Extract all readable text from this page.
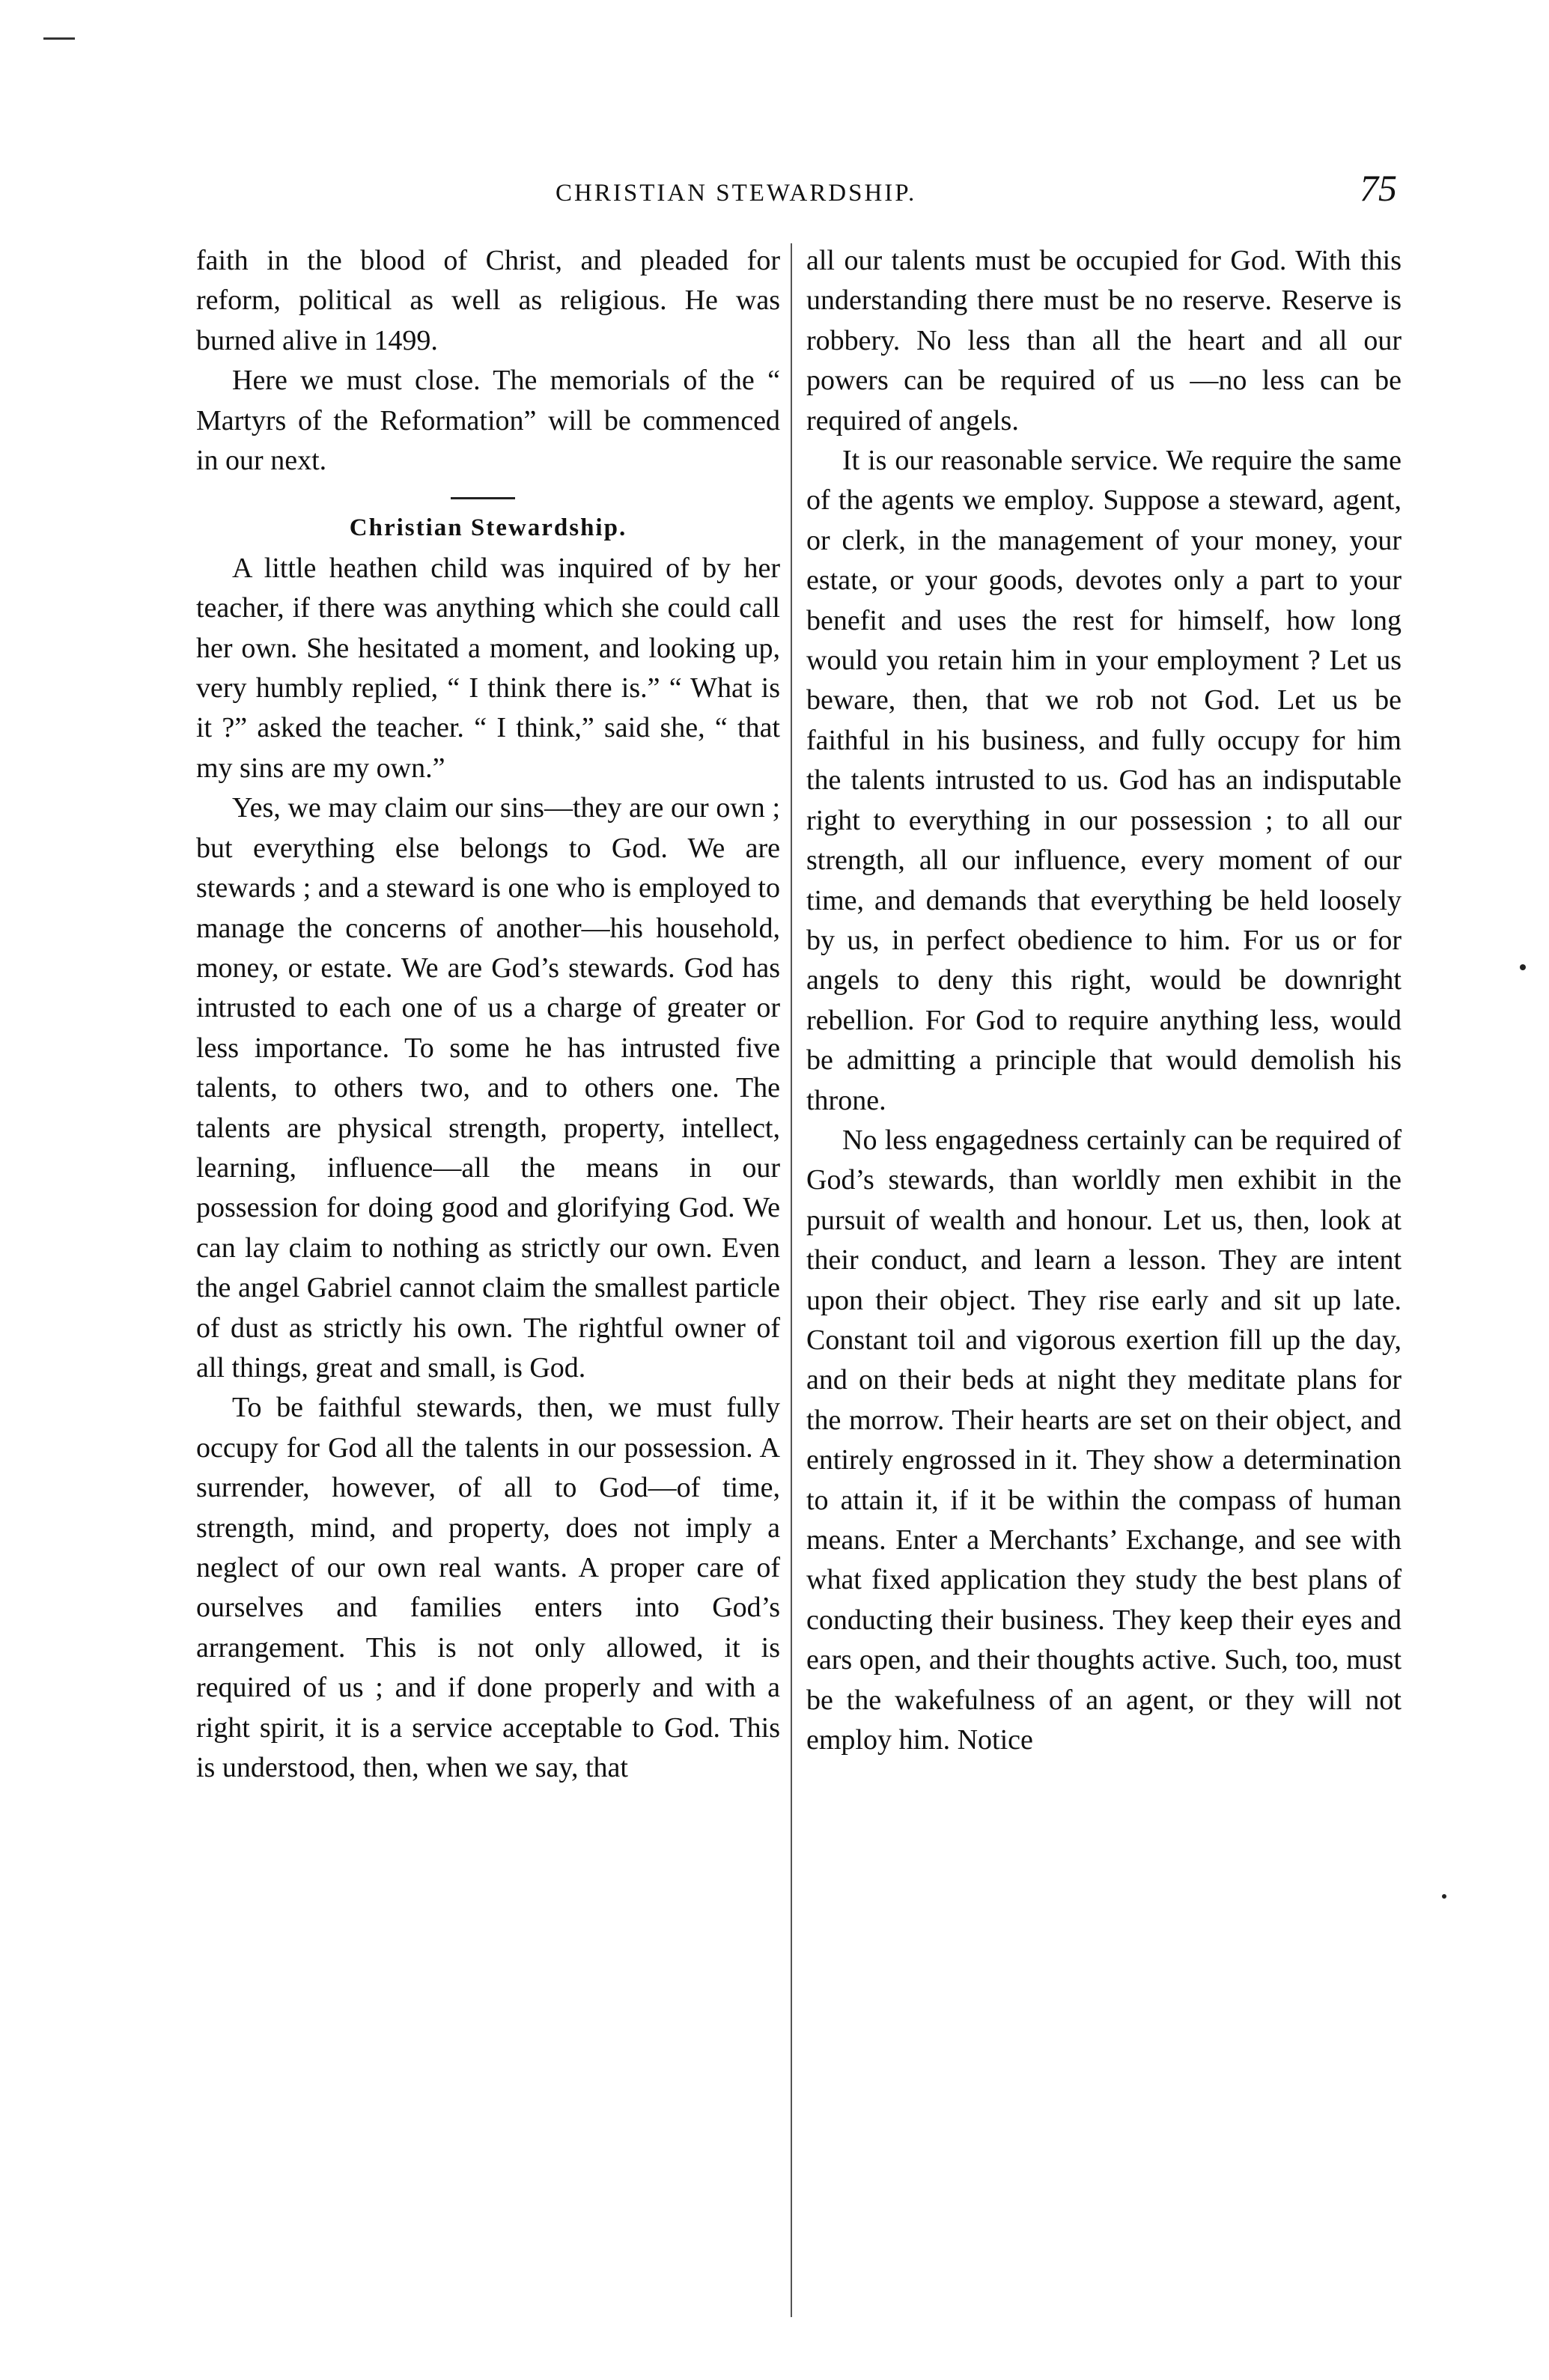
CHRISTIAN STEWARDSHIP.	75

faith in the blood of Christ, and pleaded for reform, political as well as religious. He was burned alive in 1499.

Here we must close. The memorials of the “ Martyrs of the Reformation” will be commenced in our next.

Christian Stewardship.

A little heathen child was inquired of by her teacher, if there was anything which she could call her own. She hesitated a moment, and looking up, very humbly replied, “ I think there is.” “ What is it ?” asked the teacher. “ I think,” said she, “ that my sins are my own.”

Yes, we may claim our sins—they are our own ; but everything else belongs to God. We are stewards ; and a steward is one who is employed to manage the concerns of another—his household, money, or estate. We are God’s stewards. God has intrusted to each one of us a charge of greater or less importance. To some he has intrusted five talents, to others two, and to others one. The talents are physical strength, property, intellect, learning, influence—all the means in our possession for doing good and glorifying God. We can lay claim to nothing as strictly our own. Even the angel Gabriel cannot claim the smallest particle of dust as strictly his own. The rightful owner of all things, great and small, is God.

To be faithful stewards, then, we must fully occupy for God all the talents in our possession. A surrender, however, of all to God—of time, strength, mind, and property, does not imply a neglect of our own real wants. A proper care of ourselves and families enters into God’s arrangement. This is not only allowed, it is required of us ; and if done properly and with a right spirit, it is a service acceptable to God. This is understood, then, when we say, that

all our talents must be occupied for God. With this understanding there must be no reserve. Reserve is robbery. No less than all the heart and all our powers can be required of us —no less can be required of angels.

It is our reasonable service. We require the same of the agents we employ. Suppose a steward, agent, or clerk, in the management of your money, your estate, or your goods, devotes only a part to your benefit and uses the rest for himself, how long would you retain him in your employment ? Let us beware, then, that we rob not God. Let us be faithful in his business, and fully occupy for him the talents intrusted to us. God has an indisputable right to everything in our possession ; to all our strength, all our influence, every moment of our time, and demands that everything be held loosely by us, in perfect obedience to him. For us or for angels to deny this right, would be downright rebellion. For God to require anything less, would be admitting a principle that would demolish his throne.

No less engagedness certainly can be required of God’s stewards, than worldly men exhibit in the pursuit of wealth and honour. Let us, then, look at their conduct, and learn a lesson. They are intent upon their object. They rise early and sit up late. Constant toil and vigorous exertion fill up the day, and on their beds at night they meditate plans for the morrow. Their hearts are set on their object, and entirely engrossed in it. They show a determination to attain it, if it be within the compass of human means. Enter a Merchants’ Exchange, and see with what fixed application they study the best plans of conducting their business. They keep their eyes and ears open, and their thoughts active. Such, too, must be the wakefulness of an agent, or they will not employ him. Notice
